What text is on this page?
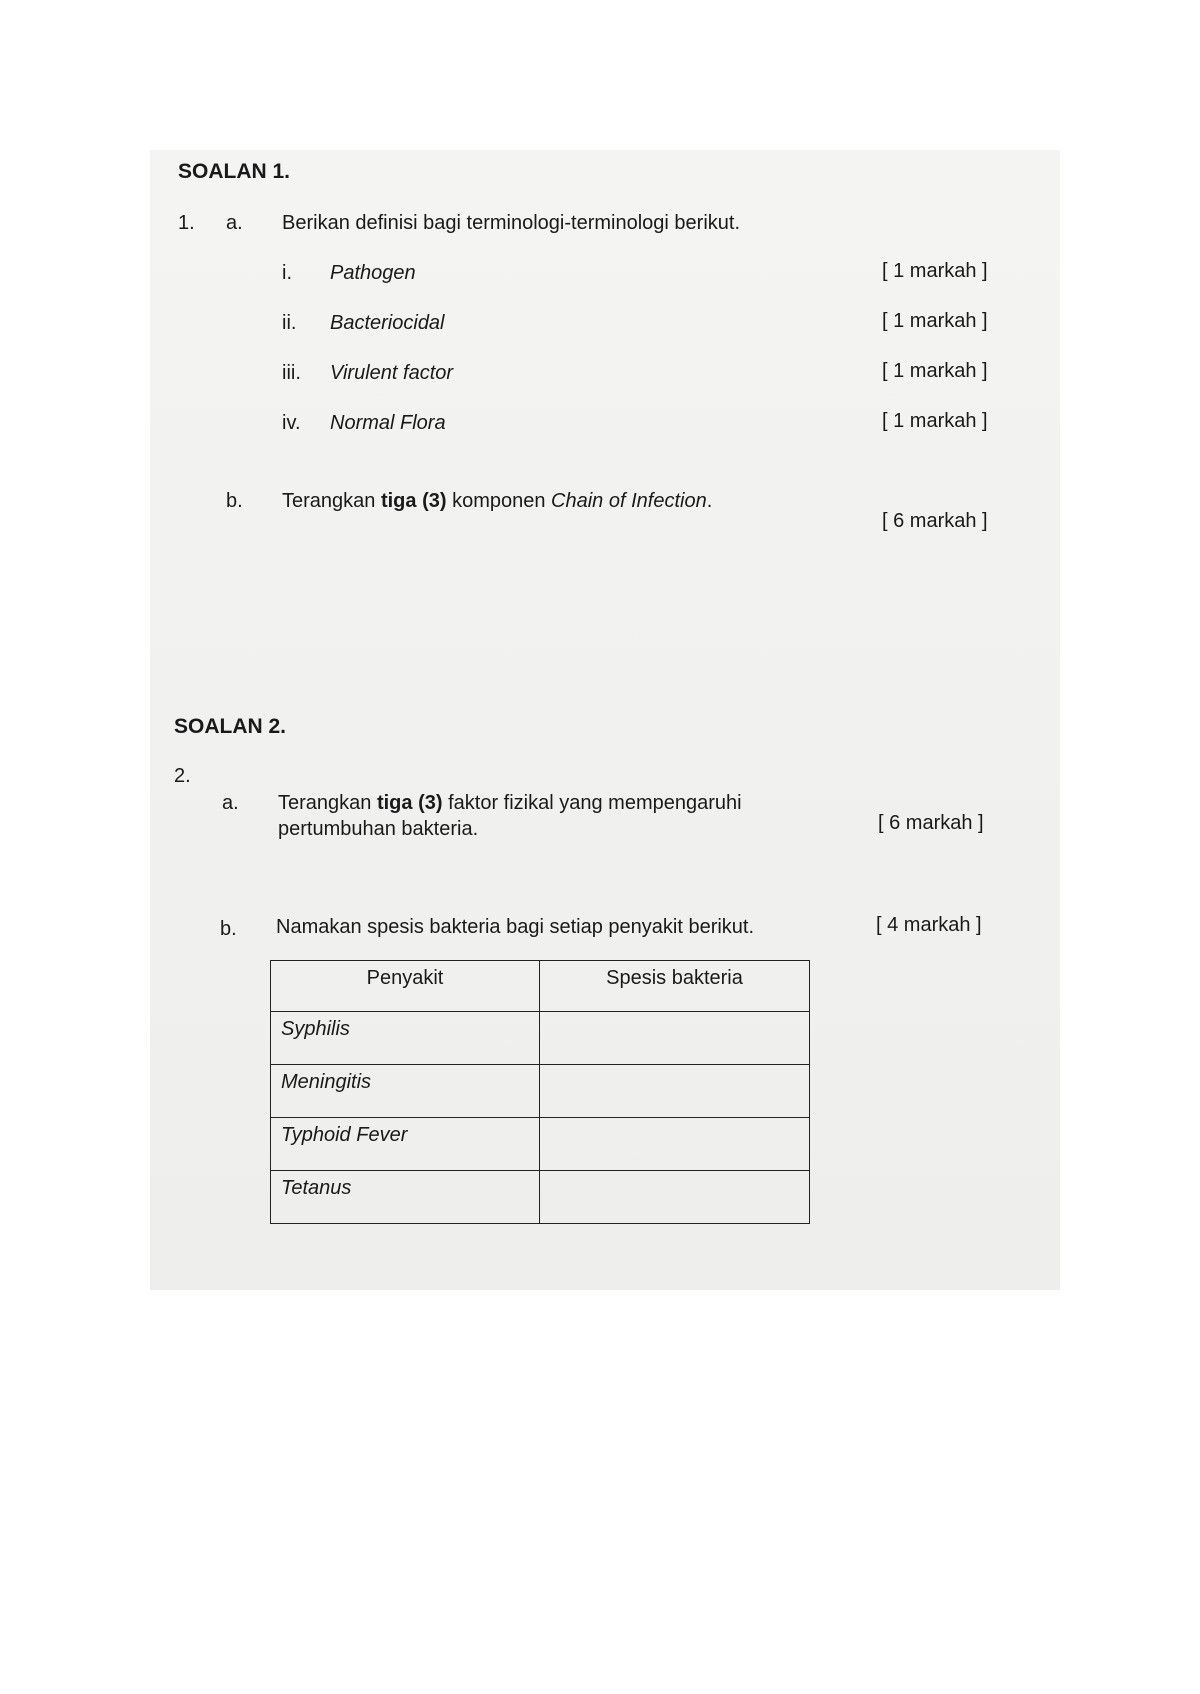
SOALAN 1.
1. a. Berikan definisi bagi terminologi-terminologi berikut.
i. Pathogen	[ 1 markah ]
ii. Bacteriocidal	[ 1 markah ]
iii. Virulent factor	[ 1 markah ]
iv. Normal Flora	[ 1 markah ]
b. Terangkan tiga (3) komponen Chain of Infection.
[ 6 markah ]
SOALAN 2.
2.
a. Terangkan tiga (3) faktor fizikal yang mempengaruhi
pertumbuhan bakteria.	[ 6 markah ]
b. Namakan spesis bakteria bagi setiap penyakit berikut.	[ 4 markah ]
Penyakit	Spesis bakteria
Syphilis	
Meningitis	
Typhoid Fever	
Tetanus	
